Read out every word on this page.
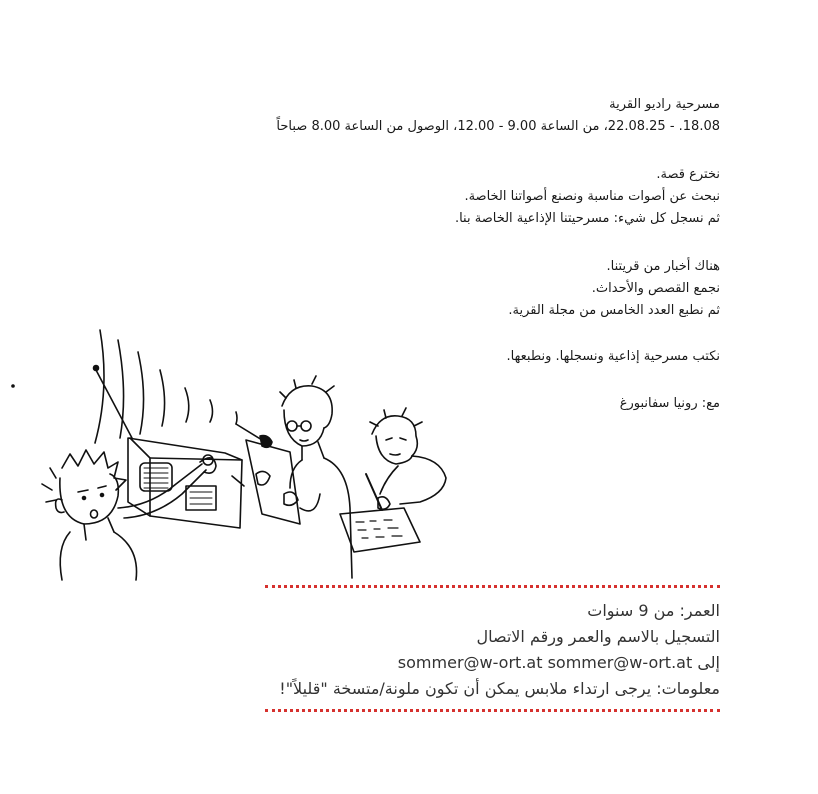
مسرحية راديو القرية

18.08. - 22.08.25، من الساعة 9.00 - 12.00، الوصول من الساعة 8.00 صباحاً

نخترع قصة.

نبحث عن أصوات مناسبة ونصنع أصواتنا الخاصة.

ثم نسجل كل شيء: مسرحيتنا الإذاعية الخاصة بنا.

هناك أخبار من قريتنا.

نجمع القصص والأحداث.

ثم نطبع العدد الخامس من مجلة القرية.

نكتب مسرحية إذاعية ونسجلها. ونطبعها.

مع: رونيا سفانبورغ

العمر: من 9 سنوات

التسجيل بالاسم والعمر ورقم الاتصال

إلى sommer@w-ort.at sommer@w-ort.at

معلومات: يرجى ارتداء ملابس يمكن أن تكون ملونة/متسخة "قليلاً"!
